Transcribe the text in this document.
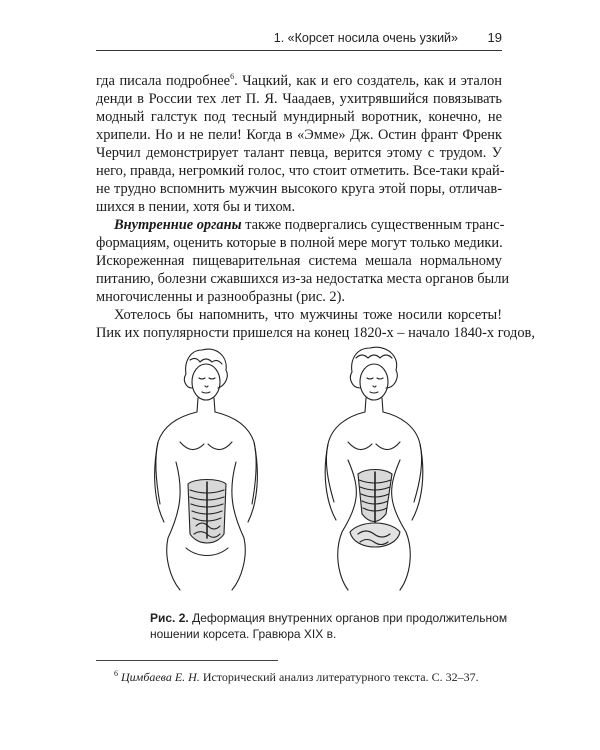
1. «Корсет носила очень узкий» 19
гда писала подробнее$^6$. Чацкий, как и его создатель, как и эталон
денди в России тех лет П. Я. Чаадаев, ухитрявшийся повязывать
модный галстук под тесный мундирный воротник, конечно, не
хрипели. Но и не пели! Когда в «Эмме» Дж. Остин франт Френк
Черчил демонстрирует талант певца, верится этому с трудом. У
него, правда, негромкий голос, что стоит отметить. Все-таки край-
не трудно вспомнить мужчин высокого круга этой поры, отличав-
шихся в пении, хотя бы и тихом.
Внутренние органы также подвергались существенным транс-
формациям, оценить которые в полной мере могут только медики.
Искореженная пищеварительная система мешала нормальному
питанию, болезни сжавшихся из-за недостатка места органов были
многочисленны и разнообразны (рис. 2).
Хотелось бы напомнить, что мужчины тоже носили корсеты!
Пик их популярности пришелся на конец 1820-х – начало 1840-х годов,
Рис. 2. Деформация внутренних органов при продолжительном
ношении корсета. Гравюра XIX в.
$^6$ Цимбаева Е. Н. Исторический анализ литературного текста. С. 32–37.
